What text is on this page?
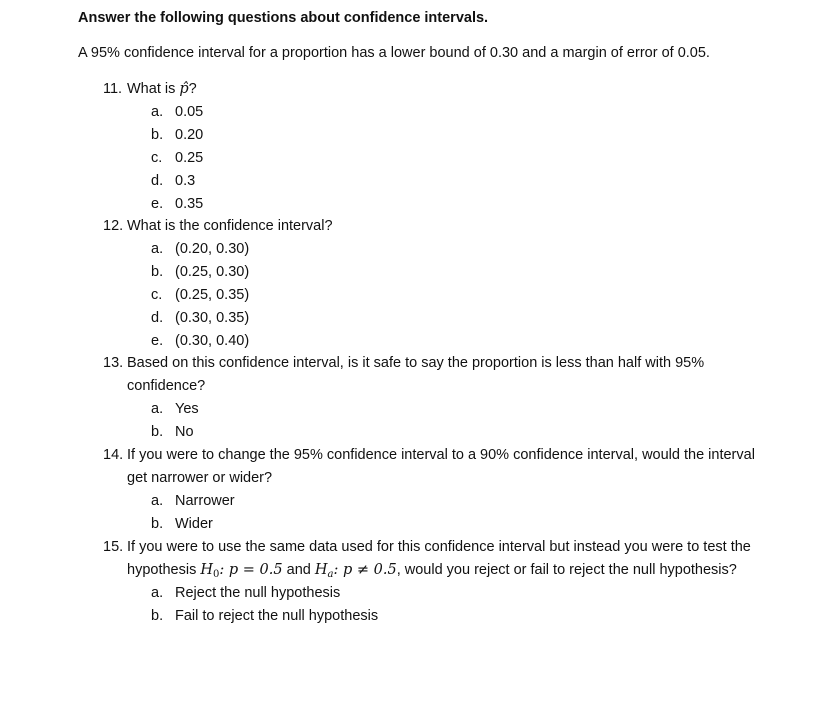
Answer the following questions about confidence intervals.
A 95% confidence interval for a proportion has a lower bound of 0.30 and a margin of error of 0.05.
11. What is p̂?
a. 0.05
b. 0.20
c. 0.25
d. 0.3
e. 0.35
12. What is the confidence interval?
a. (0.20, 0.30)
b. (0.25, 0.30)
c. (0.25, 0.35)
d. (0.30, 0.35)
e. (0.30, 0.40)
13. Based on this confidence interval, is it safe to say the proportion is less than half with 95% confidence?
a. Yes
b. No
14. If you were to change the 95% confidence interval to a 90% confidence interval, would the interval get narrower or wider?
a. Narrower
b. Wider
15. If you were to use the same data used for this confidence interval but instead you were to test the hypothesis $H_0$: p = 0.5 and $H_a$: p ≠ 0.5, would you reject or fail to reject the null hypothesis?
a. Reject the null hypothesis
b. Fail to reject the null hypothesis
